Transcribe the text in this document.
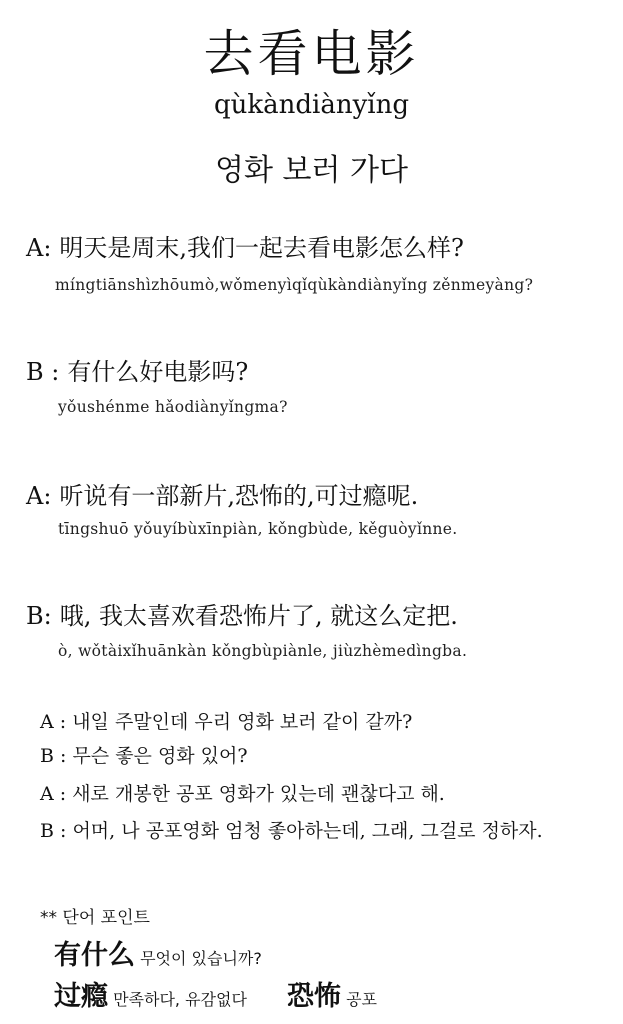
去看电影
qùkàndiànyǐng
영화 보러 가다
A: 明天是周末,我们一起去看电影怎么样?
míngtiānshìzhōumò,wǒmenyìqǐqùkàndiànyǐng zěnmeyàng?
B : 有什么好电影吗?
yǒushénme hǎodiànyǐngma?
A: 听说有一部新片,恐怖的,可过瘾呢.
tīngshuō yǒuyíbùxīnpiàn, kǒngbùde, kěguòyǐnne.
B: 哦, 我太喜欢看恐怖片了, 就这么定把.
ò, wǒtàixǐhuānkàn kǒngbùpiànle, jiùzhèmedìngba.
A : 내일 주말인데 우리 영화 보러 같이 갈까?
B : 무슨 좋은 영화 있어?
A : 새로 개봉한 공포 영화가 있는데 괜찮다고 해.
B : 어머, 나 공포영화 엄청 좋아하는데, 그래, 그걸로 정하자.
** 단어 포인트
有什么 무엇이 있습니까?
过瘾 만족하다, 유감없다 恐怖 공포
